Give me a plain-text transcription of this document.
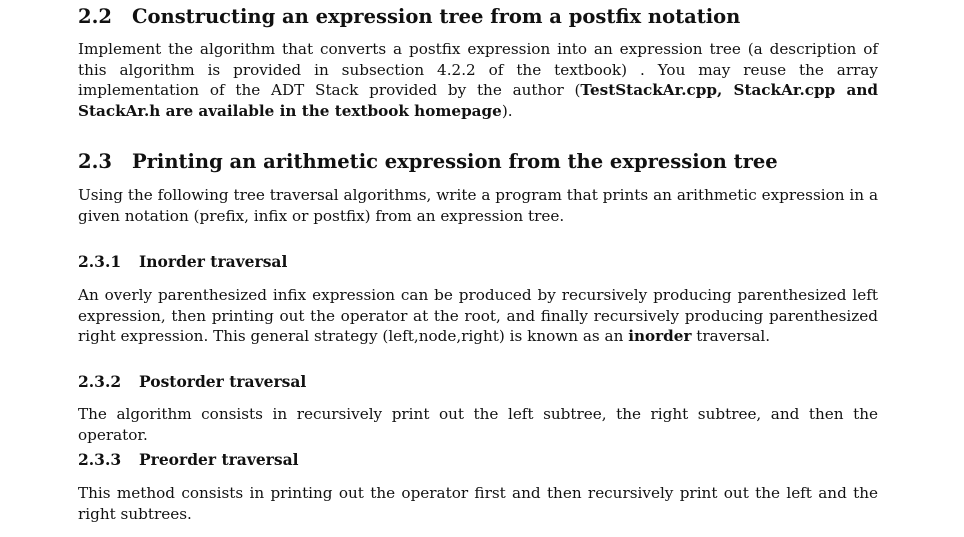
2.2 Constructing an expression tree from a postfix notation

Implement the algorithm that converts a postfix expression into an expression tree (a description of this algorithm is provided in subsection 4.2.2 of the textbook) . You may reuse the array implementation of the ADT Stack provided by the author (TestStackAr.cpp, StackAr.cpp and StackAr.h are available in the textbook homepage).

2.3 Printing an arithmetic expression from the expression tree

Using the following tree traversal algorithms, write a program that prints an arithmetic expression in a given notation (prefix, infix or postfix) from an expression tree.

2.3.1 Inorder traversal

An overly parenthesized infix expression can be produced by recursively producing parenthesized left expression, then printing out the operator at the root, and finally recursively producing parenthesized right expression. This general strategy (left,node,right) is known as an inorder traversal.

2.3.2 Postorder traversal

The algorithm consists in recursively print out the left subtree, the right subtree, and then the operator.

2.3.3 Preorder traversal

This method consists in printing out the operator first and then recursively print out the left and the right subtrees.
